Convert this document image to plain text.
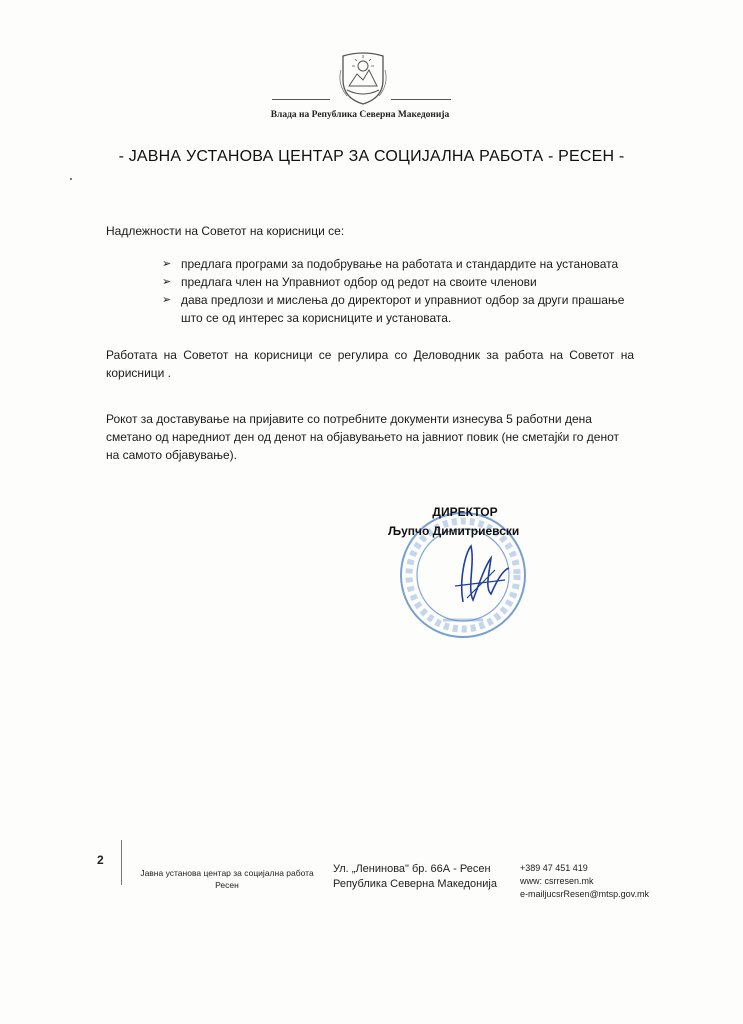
Влада на Република Северна Македонија
- ЈАВНА УСТАНОВА ЦЕНТАР ЗА СОЦИЈАЛНА РАБОТА - РЕСЕН -
Надлежности на Советот на корисници се:
➢ предлага програми за подобрување на работата и стандардите на установата
➢ предлага член на Управниот одбор од редот на своите членови
➢ дава предлози и мислења до директорот и управниот одбор за други прашање
што се од интерес за корисниците и установата.
Работата на Советот на корисници се регулира со Деловодник за работа на Советот на корисници .
Рокот за доставување на пријавите со потребните документи изнесува 5 работни дена сметано од наредниот ден од денот на објавувањето на јавниот повик (не сметајќи го денот на самото објавување).
ДИРЕКТОР
Љупчо Димитриевски
2
Јавна установа центар за социјална работа
Ресен
Ул. „Ленинова" бр. 66А - Ресен
Република Северна Македонија
+389 47 451 419
www: csrresen.mk
e-mailjucsrResen@mtsp.gov.mk
